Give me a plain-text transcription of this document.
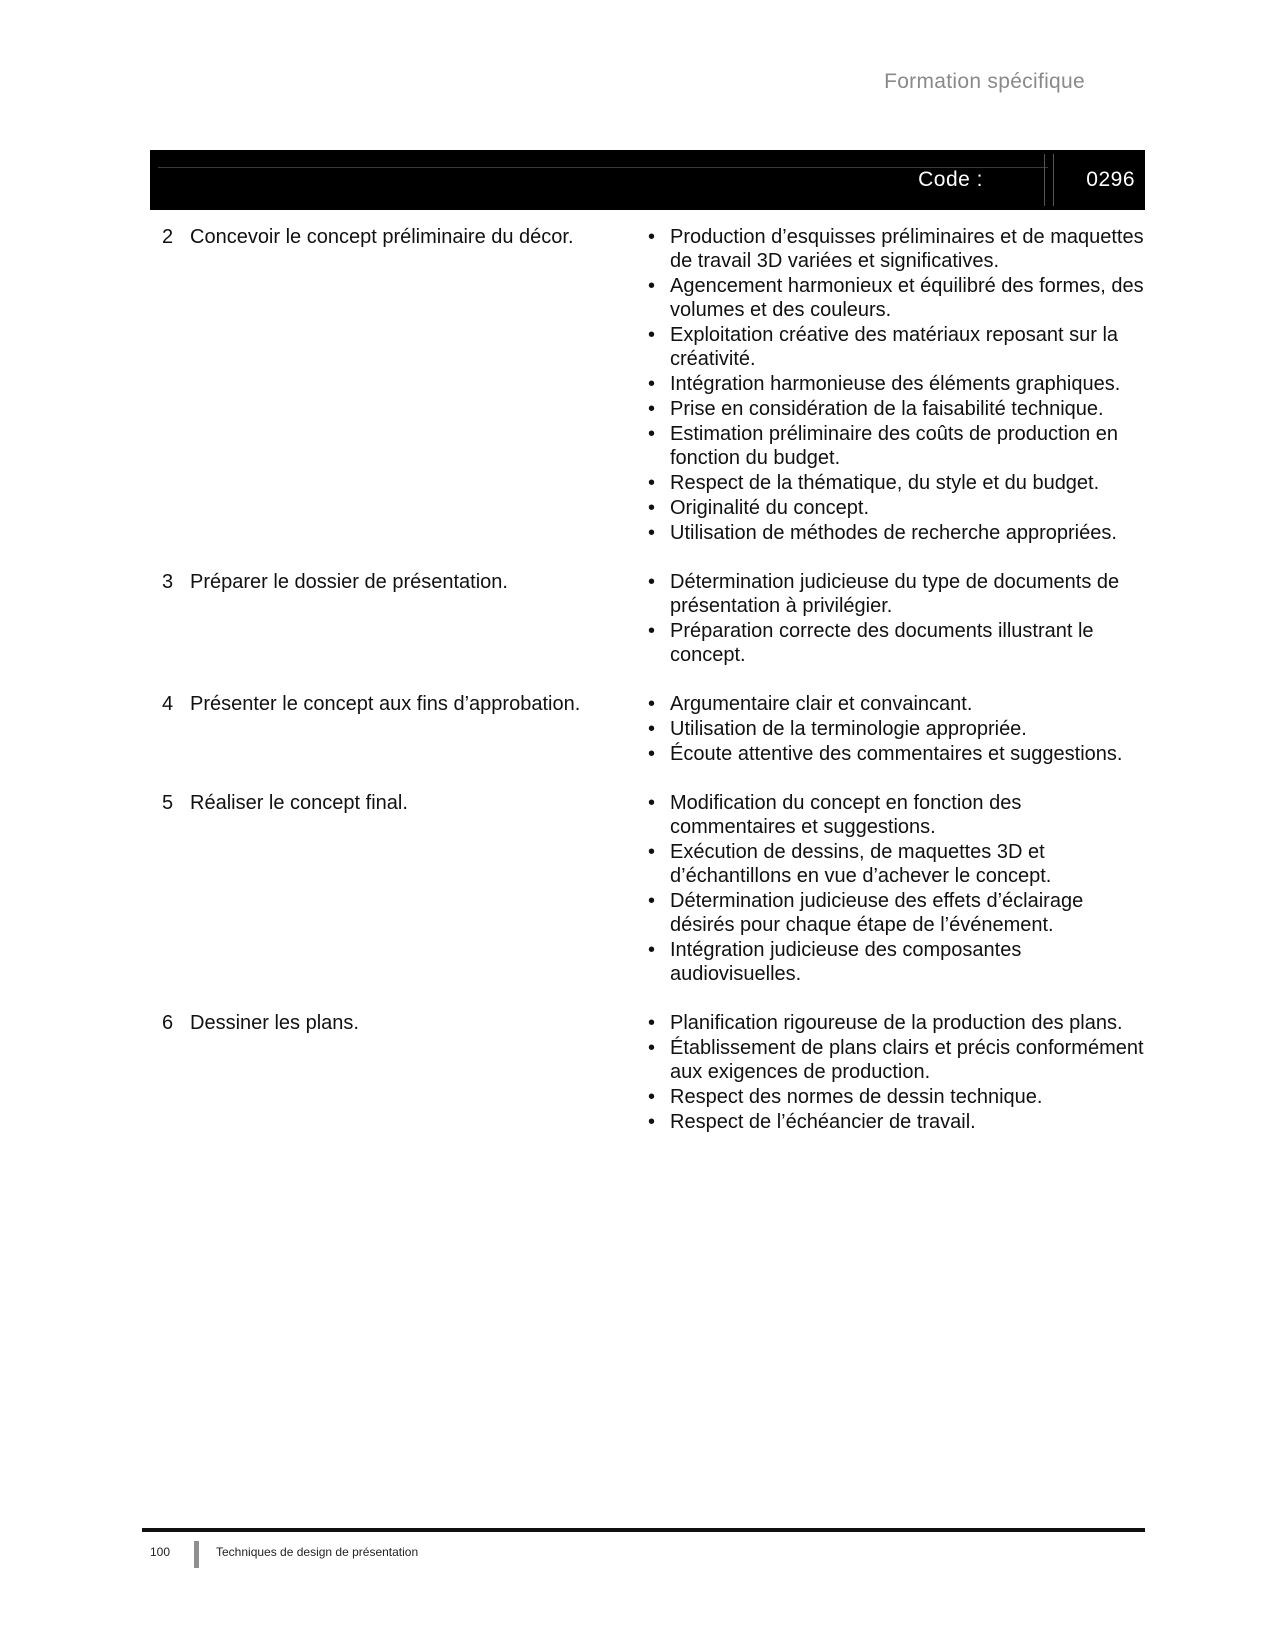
Formation spécifique
Code :	0296
2 Concevoir le concept préliminaire du décor.	• Production d’esquisses préliminaires et de maquettes de travail 3D variées et significatives.
• Agencement harmonieux et équilibré des formes, des volumes et des couleurs.
• Exploitation créative des matériaux reposant sur la créativité.
• Intégration harmonieuse des éléments graphiques.
• Prise en considération de la faisabilité technique.
• Estimation préliminaire des coûts de production en fonction du budget.
• Respect de la thématique, du style et du budget.
• Originalité du concept.
• Utilisation de méthodes de recherche appropriées.
3 Préparer le dossier de présentation.	• Détermination judicieuse du type de documents de présentation à privilégier.
• Préparation correcte des documents illustrant le concept.
4 Présenter le concept aux fins d’approbation.	• Argumentaire clair et convaincant.
• Utilisation de la terminologie appropriée.
• Écoute attentive des commentaires et suggestions.
5 Réaliser le concept final.	• Modification du concept en fonction des commentaires et suggestions.
• Exécution de dessins, de maquettes 3D et d’échantillons en vue d’achever le concept.
• Détermination judicieuse des effets d’éclairage désirés pour chaque étape de l’événement.
• Intégration judicieuse des composantes audiovisuelles.
6 Dessiner les plans.	• Planification rigoureuse de la production des plans.
• Établissement de plans clairs et précis conformément aux exigences de production.
• Respect des normes de dessin technique.
• Respect de l’échéancier de travail.
100	Techniques de design de présentation
